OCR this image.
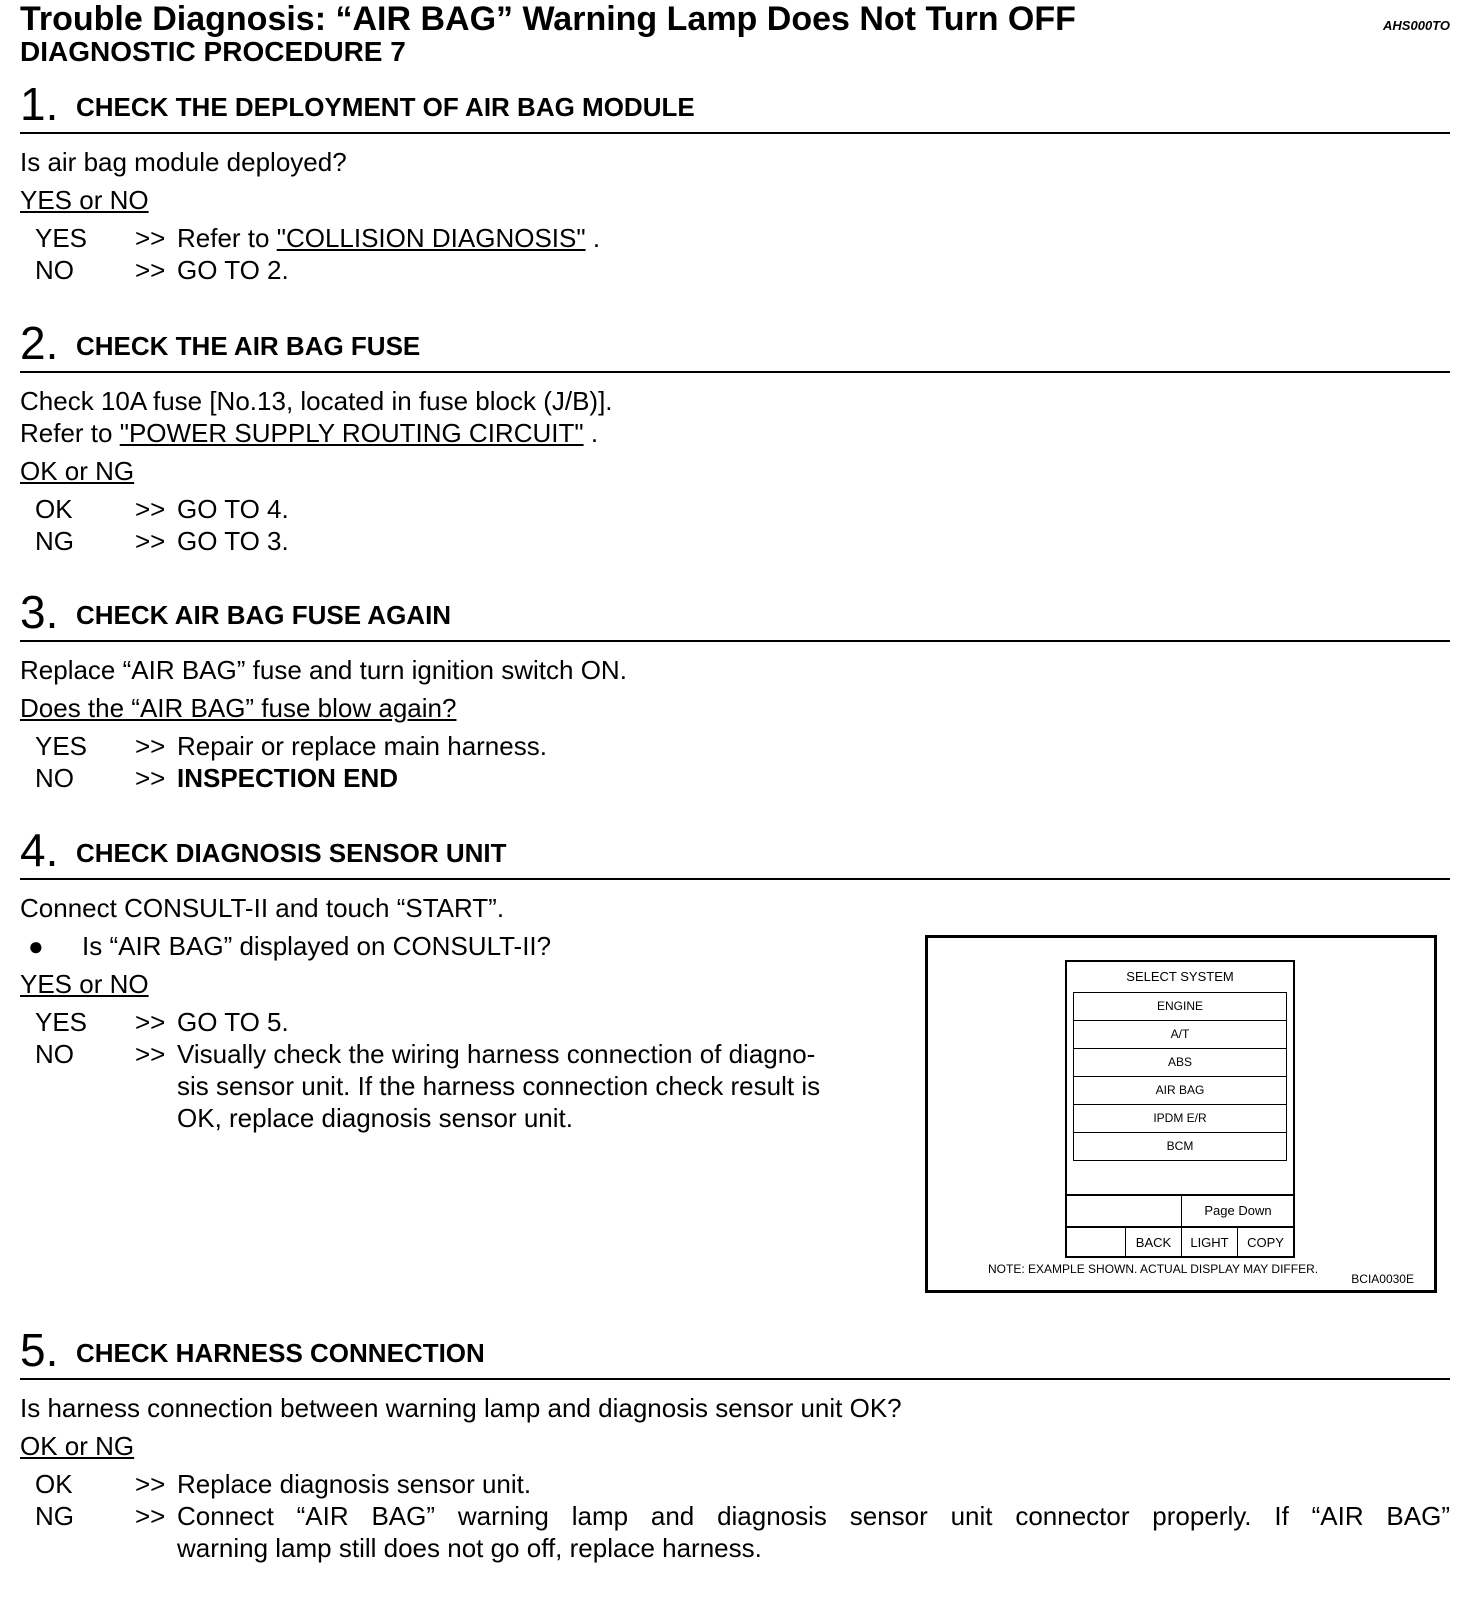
Trouble Diagnosis: “AIR BAG” Warning Lamp Does Not Turn OFF
DIAGNOSTIC PROCEDURE 7
AHS000TO
1. CHECK THE DEPLOYMENT OF AIR BAG MODULE
Is air bag module deployed?
YES or NO
YES	>> Refer to "COLLISION DIAGNOSIS" .
NO	>> GO TO 2.
2. CHECK THE AIR BAG FUSE
Check 10A fuse [No.13, located in fuse block (J/B)].
Refer to "POWER SUPPLY ROUTING CIRCUIT" .
OK or NG
OK	>> GO TO 4.
NG	>> GO TO 3.
3. CHECK AIR BAG FUSE AGAIN
Replace “AIR BAG” fuse and turn ignition switch ON.
Does the “AIR BAG” fuse blow again?
YES	>> Repair or replace main harness.
NO	>> INSPECTION END
4. CHECK DIAGNOSIS SENSOR UNIT
Connect CONSULT-II and touch “START”.
●	Is “AIR BAG” displayed on CONSULT-II?
YES or NO
YES	>> GO TO 5.
NO	>> Visually check the wiring harness connection of diagno-
sis sensor unit. If the harness connection check result is
OK, replace diagnosis sensor unit.
5. CHECK HARNESS CONNECTION
Is harness connection between warning lamp and diagnosis sensor unit OK?
OK or NG
OK	>> Replace diagnosis sensor unit.
NG	>> Connect “AIR BAG” warning lamp and diagnosis sensor unit connector properly. If “AIR BAG”
warning lamp still does not go off, replace harness.
SELECT SYSTEM
ENGINE
A/T
ABS
AIR BAG
IPDM E/R
BCM
Page Down
BACK	LIGHT	COPY
NOTE: EXAMPLE SHOWN. ACTUAL DISPLAY MAY DIFFER.
BCIA0030E
